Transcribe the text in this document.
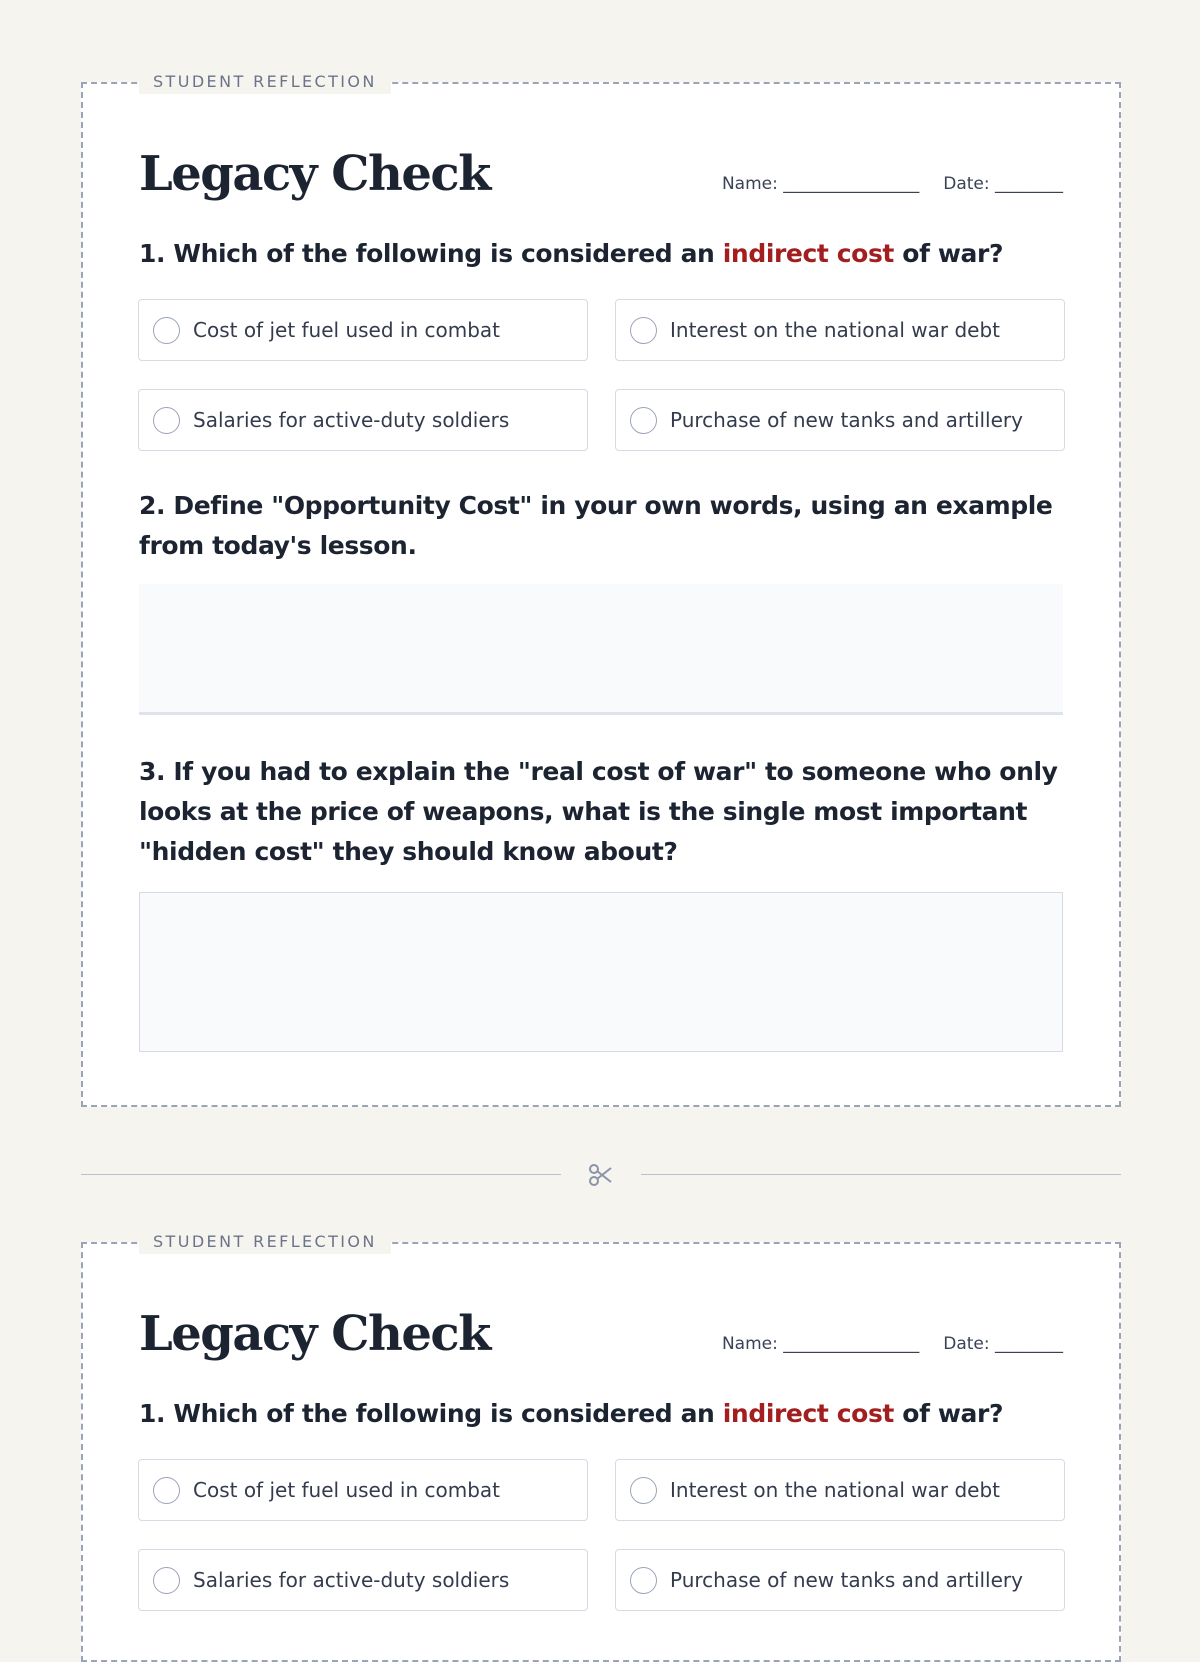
STUDENT REFLECTION
Legacy Check	Name: ________________ Date: ________
1. Which of the following is considered an indirect cost of war?
Cost of jet fuel used in combat	Interest on the national war debt
Salaries for active-duty soldiers	Purchase of new tanks and artillery
2. Define "Opportunity Cost" in your own words, using an example from today's lesson.
3. If you had to explain the "real cost of war" to someone who only looks at the price of weapons, what is the single most important "hidden cost" they should know about?
STUDENT REFLECTION
Legacy Check	Name: ________________ Date: ________
1. Which of the following is considered an indirect cost of war?
Cost of jet fuel used in combat	Interest on the national war debt
Salaries for active-duty soldiers	Purchase of new tanks and artillery
